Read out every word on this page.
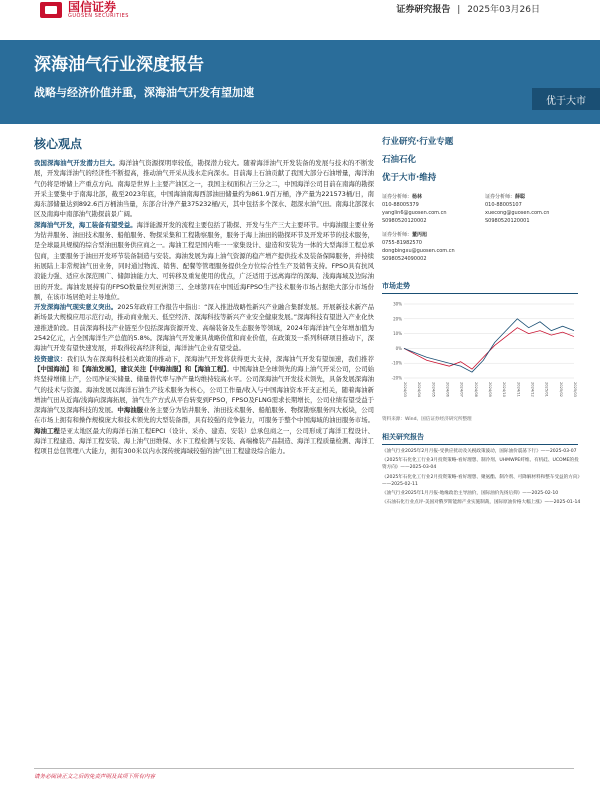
国信证券
GUOSEN SECURITIES
证券研究报告 | 2025年03月26日
深海油气行业深度报告
战略与经济价值并重，深海油气开发有望加速
优于大市
核心观点

我国深海油气开发潜力巨大。海洋油气资源探明率较低，勘探潜力较大。随着海洋油气开发装备的发展与技术的不断发展，开发海洋油气的经济性不断提高，推动油气开采从浅水走向深水。目前海上石油贡献了我国大部分石油增量，海洋油气仍将是增储上产重点方向。南海是世界上主要产油区之一，我国主权面积占三分之二，中国海洋公司目前在南海的勘探开采主要集中于南海北部，截至2023年底，中国海油南海西部油田储量约为861.9百万桶，净产量为221573桶/日，南海东部储量达到892.6百万桶油当量，东部合计净产量375232桶/天，其中包括多个深水、超深水油气田。南海北部深水区及南海中南部油气勘探前景广阔。

深海油气开发，海工装备有望受益。海洋能源开发的流程主要包括了勘探、开发与生产三大主要环节。中海油服主要业务为钻井服务、油田技术服务、船舶服务、物探采集和工程勘察服务，服务于海上油田的勘探环节及开发环节的技术服务，是全球最具规模的综合型油田服务供应商之一。海油工程是国内唯一一家集设计、建造和安装为一体的大型海洋工程总承包商，主要服务于油田开发环节装备制造与安装。海油发展为海上油气资源的稳产增产提供技术及装备保障服务，并持续拓展陆上非常规油气田业务，同时通过物流、销售、配餐等管理服务提供全方位综合性生产及销售支持。FPSO具有抗风浪能力强、适应水深范围广、储卸油能力大、可转移及重复使用的优点，广泛适用于远离海岸的深海、浅海海域及边际油田的开发。海油发展持有的FPSO数量位列亚洲第三、全球第四在中国近海FPSO生产技术服务市场占据绝大部分市场份额，在该市场居绝对主导地位。

开发深海油气现实意义突出。2025年政府工作报告中指出：“深入推进战略性新兴产业融合集群发展。开展新技术新产品新场景大规模应用示范行动，推动商业航天、低空经济、深海科技等新兴产业安全健康发展。”深海科技有望进入产业化快速推进阶段。目前深海科技产业链至少包括深海资源开发、高端装备及生态服务等领域，2024年海洋油气全年增加值为2542亿元，占全国海洋生产总值的5.8%。深海油气开发兼具战略价值和商业价值，在政策及一系列科研项目推动下，深海油气开发有望快速发展，并取得较高经济利益，海洋油气企业有望受益。

投资建议：我们认为在深海科技相关政策的推动下，深海油气开发将获得更大支持，深海油气开发有望加速，我们推荐【中国海油】和【海油发展】，建议关注【中海油服】和【海油工程】。中国海油是全球领先的海上油气开采公司，公司始终坚持增储上产，公司净证实储量、储量替代率与净产量均维持较高水平。公司深海油气开发技术领先，具备发展深海油气的技术与资源。海油发展以海洋石油生产技术服务为核心，公司工作量/收入与中国海油资本开支正相关，随着海油新增油气田从近海/浅海向深海拓展，油气生产方式从平台转变到FPSO，FPSO及FLNG需求长期增长，公司业绩有望受益于深海油气及深海科技的发展。中海油服业务主要分为钻井服务、油田技术服务、船舶服务、物探勘察服务四大板块，公司在市场上拥有和操作规模庞大和技术领先的大型装备群，具有较强的竞争能力，可服务于整个中国海域的油田服务市场。海油工程是亚太地区最大的海洋石油工程EPCI（设计、采办、建造、安装）总承包商之一，公司形成了海洋工程设计、海洋工程建造、海洋工程安装、海上油气田维保、水下工程检测与安装、高端橡装产品制造、海洋工程质量检测、海洋工程项目总包管理八大能力，拥有300米以内水深传统海域较强的油气田工程建设综合能力。

行业研究·行业专题
石油石化
优于大市·维持
证券分析师：杨林
010-88005379
yanglin6@guosen.com.cn
S0980520120002
证券分析师：薛聪
010-88005107
xuecong@guosen.com.cn
S0980520120001
证券分析师：董丙旭
0755-81982570
dongbingxu@guosen.com.cn
S0980524090002
市场走势
30%
20%
10%
0%
-10%
-20%
2024/03	2024/04	2024/05	2024/06	2024/07	2024/08	2024/09	2024/10	2024/11	2024/12	2025/01	2025/02	2025/03
资料来源：Wind、国信证券经济研究所整理
相关研究报告
《油气行业2025年2月月报-受供应扰动及关税政策波动，国际油价震荡下行》——2025-03-07
《2025年石化化工行业3月投资策略-看好理想、制冷剂、UHMWPE纤维、有机硅、UCOME的投资方向》——2025-03-04
《2025年石化化工行业2月投资策略-看好理想、聚氨酯、制冷剂、可降解材料和整车受益的方向》——2025-02-11
《油气行业2025年1月月报-地缘政治主导油价，国际油价先扬后抑》——2025-02-10
《石油石化行业点评-美国对俄罗斯能源产业实施制裁，国际原油价格大幅上涨》——2025-01-14
请务必阅读正文之后的免责声明及其项下所有内容
